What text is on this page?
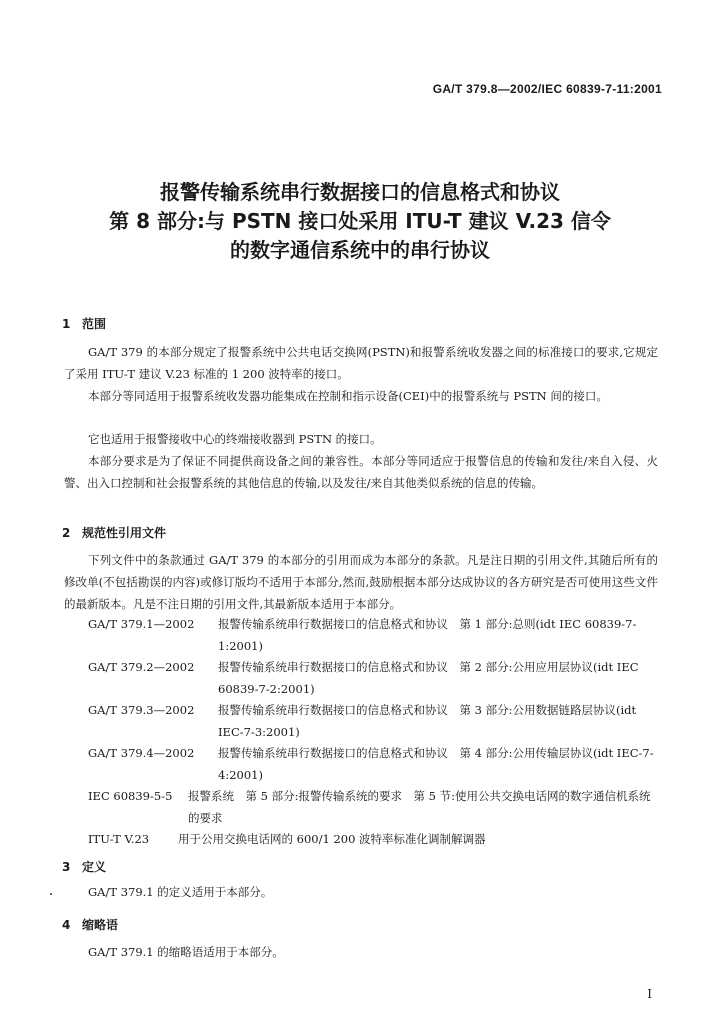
GA/T 379.8—2002/IEC 60839-7-11:2001
报警传输系统串行数据接口的信息格式和协议
第 8 部分:与 PSTN 接口处采用 ITU-T 建议 V.23 信令
的数字通信系统中的串行协议
1 范围
GA/T 379 的本部分规定了报警系统中公共电话交换网(PSTN)和报警系统收发器之间的标准接口的要求,它规定了采用 ITU-T 建议 V.23 标准的 1 200 波特率的接口。
本部分等同适用于报警系统收发器功能集成在控制和指示设备(CEI)中的报警系统与 PSTN 间的接口。
它也适用于报警接收中心的终端接收器到 PSTN 的接口。
本部分要求是为了保证不同提供商设备之间的兼容性。本部分等同适应于报警信息的传输和发往/来自入侵、火警、出入口控制和社会报警系统的其他信息的传输,以及发往/来自其他类似系统的信息的传输。
2 规范性引用文件
下列文件中的条款通过 GA/T 379 的本部分的引用而成为本部分的条款。凡是注日期的引用文件,其随后所有的修改单(不包括勘误的内容)或修订版均不适用于本部分,然而,鼓励根据本部分达成协议的各方研究是否可使用这些文件的最新版本。凡是不注日期的引用文件,其最新版本适用于本部分。
GA/T 379.1—2002 报警传输系统串行数据接口的信息格式和协议　第 1 部分:总则(idt IEC 60839-7-1:2001)
GA/T 379.2—2002 报警传输系统串行数据接口的信息格式和协议　第 2 部分:公用应用层协议(idt IEC 60839-7-2:2001)
GA/T 379.3—2002 报警传输系统串行数据接口的信息格式和协议　第 3 部分:公用数据链路层协议(idt IEC-7-3:2001)
GA/T 379.4—2002 报警传输系统串行数据接口的信息格式和协议　第 4 部分:公用传输层协议(idt IEC-7-4:2001)
IEC 60839-5-5 报警系统　第 5 部分:报警传输系统的要求　第 5 节:使用公共交换电话网的数字通信机系统的要求
ITU-T V.23	用于公用交换电话网的 600/1 200 波特率标准化调制解调器
3 定义
GA/T 379.1 的定义适用于本部分。
4 缩略语
GA/T 379.1 的缩略语适用于本部分。
I
